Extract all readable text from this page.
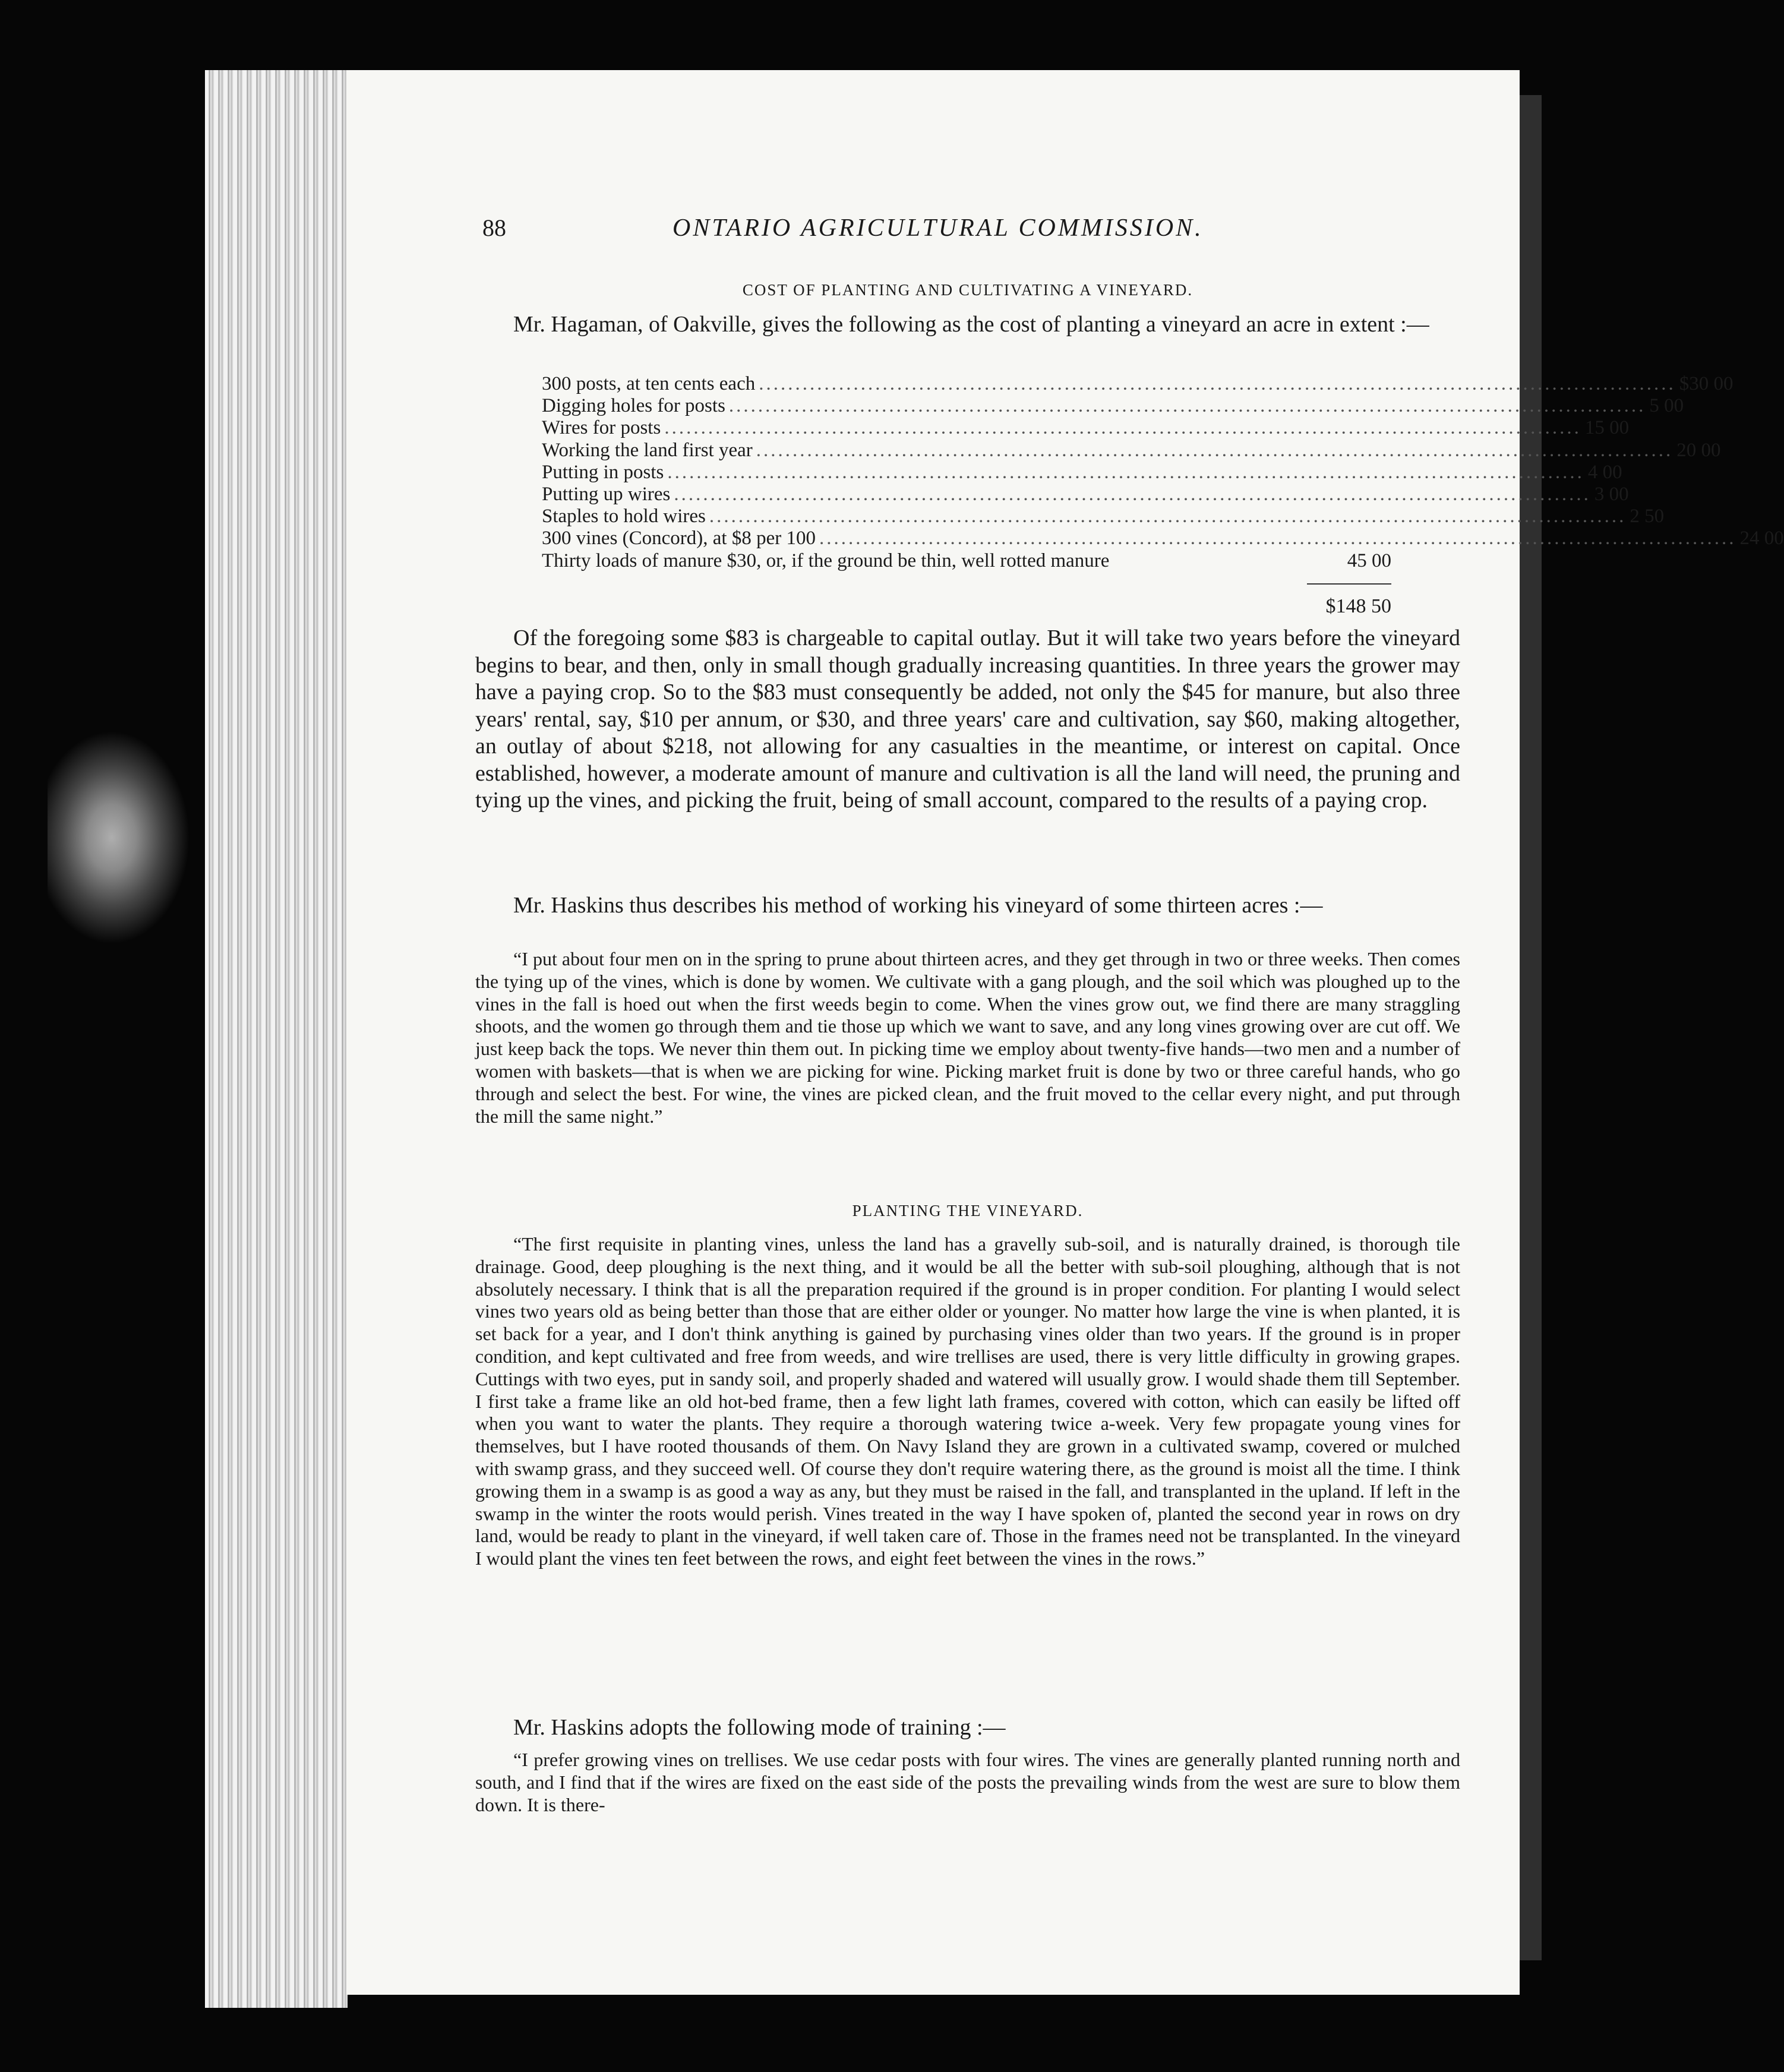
88	ONTARIO AGRICULTURAL COMMISSION.
COST OF PLANTING AND CULTIVATING A VINEYARD.

Mr. Hagaman, of Oakville, gives the following as the cost of planting a vineyard an acre in extent :—

300 posts, at ten cents each .............................................................................................................................. $30 00
Digging holes for posts .............................................................................................................................. 5 00
Wires for posts .............................................................................................................................. 15 00
Working the land first year .............................................................................................................................. 20 00
Putting in posts .............................................................................................................................. 4 00
Putting up wires .............................................................................................................................. 3 00
Staples to hold wires .............................................................................................................................. 2 50
300 vines (Concord), at $8 per 100 .............................................................................................................................. 24 00
Thirty loads of manure $30, or, if the ground be thin, well rotted manure	45 00
$148 50

Of the foregoing some $83 is chargeable to capital outlay. But it will take two years before the vineyard begins to bear, and then, only in small though gradually increasing quantities. In three years the grower may have a paying crop. So to the $83 must consequently be added, not only the $45 for manure, but also three years' rental, say, $10 per annum, or $30, and three years' care and cultivation, say $60, making altogether, an outlay of about $218, not allowing for any casualties in the meantime, or interest on capital. Once established, however, a moderate amount of manure and cultivation is all the land will need, the pruning and tying up the vines, and picking the fruit, being of small account, compared to the results of a paying crop.

Mr. Haskins thus describes his method of working his vineyard of some thirteen acres :—

“I put about four men on in the spring to prune about thirteen acres, and they get through in two or three weeks. Then comes the tying up of the vines, which is done by women. We cultivate with a gang plough, and the soil which was ploughed up to the vines in the fall is hoed out when the first weeds begin to come. When the vines grow out, we find there are many straggling shoots, and the women go through them and tie those up which we want to save, and any long vines growing over are cut off. We just keep back the tops. We never thin them out. In picking time we employ about twenty-five hands—two men and a number of women with baskets—that is when we are picking for wine. Picking market fruit is done by two or three careful hands, who go through and select the best. For wine, the vines are picked clean, and the fruit moved to the cellar every night, and put through the mill the same night.”

PLANTING THE VINEYARD.

“The first requisite in planting vines, unless the land has a gravelly sub-soil, and is naturally drained, is thorough tile drainage. Good, deep ploughing is the next thing, and it would be all the better with sub-soil ploughing, although that is not absolutely necessary. I think that is all the preparation required if the ground is in proper condition. For planting I would select vines two years old as being better than those that are either older or younger. No matter how large the vine is when planted, it is set back for a year, and I don't think anything is gained by purchasing vines older than two years. If the ground is in proper condition, and kept cultivated and free from weeds, and wire trellises are used, there is very little difficulty in growing grapes. Cuttings with two eyes, put in sandy soil, and properly shaded and watered will usually grow. I would shade them till September. I first take a frame like an old hot-bed frame, then a few light lath frames, covered with cotton, which can easily be lifted off when you want to water the plants. They require a thorough watering twice a-week. Very few propagate young vines for themselves, but I have rooted thousands of them. On Navy Island they are grown in a cultivated swamp, covered or mulched with swamp grass, and they succeed well. Of course they don't require watering there, as the ground is moist all the time. I think growing them in a swamp is as good a way as any, but they must be raised in the fall, and transplanted in the upland. If left in the swamp in the winter the roots would perish. Vines treated in the way I have spoken of, planted the second year in rows on dry land, would be ready to plant in the vineyard, if well taken care of. Those in the frames need not be transplanted. In the vineyard I would plant the vines ten feet between the rows, and eight feet between the vines in the rows.”

Mr. Haskins adopts the following mode of training :—

“I prefer growing vines on trellises. We use cedar posts with four wires. The vines are generally planted running north and south, and I find that if the wires are fixed on the east side of the posts the prevailing winds from the west are sure to blow them down. It is there-
